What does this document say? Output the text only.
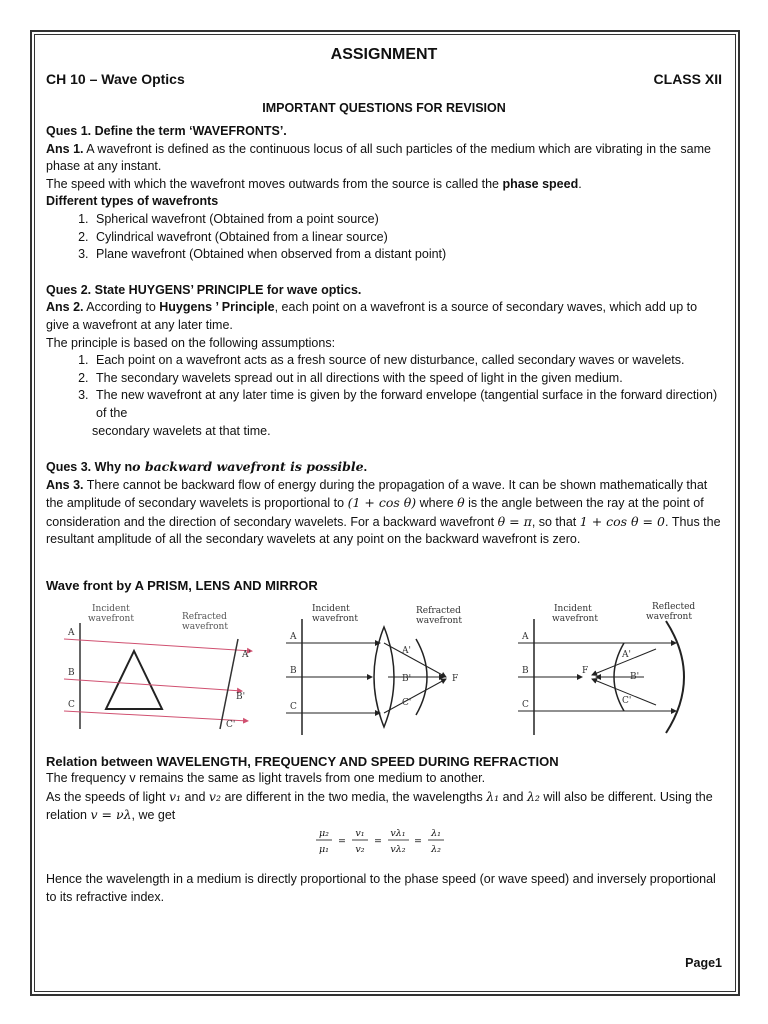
ASSIGNMENT
CH 10 – Wave Optics	CLASS XII
IMPORTANT QUESTIONS FOR REVISION

Ques 1. Define the term ‘WAVEFRONTS’.

Ans 1. A wavefront is defined as the continuous locus of all such particles of the medium which are vibrating in the same phase at any instant.

The speed with which the wavefront moves outwards from the source is called the phase speed.

Different types of wavefronts

1. Spherical wavefront (Obtained from a point source)
2. Cylindrical wavefront (Obtained from a linear source)
3. Plane wavefront (Obtained when observed from a distant point)

Ques 2. State HUYGENS’ PRINCIPLE for wave optics.

Ans 2. According to Huygens ’ Principle, each point on a wavefront is a source of secondary waves, which add up to give a wavefront at any later time.

The principle is based on the following assumptions:

1. Each point on a wavefront acts as a fresh source of new disturbance, called secondary waves or wavelets.
2. The secondary wavelets spread out in all directions with the speed of light in the given medium.
3. The new wavefront at any later time is given by the forward envelope (tangential surface in the forward direction) of the

secondary wavelets at that time.

Ques 3. Why no backward wavefront is possible.

Ans 3. There cannot be backward flow of energy during the propagation of a wave. It can be shown mathematically that the amplitude of secondary wavelets is proportional to (1 + cos θ) where θ is the angle between the ray at the point of consideration and the direction of secondary wavelets. For a backward wavefront θ = π, so that 1 + cos θ = 0. Thus the resultant amplitude of all the secondary wavelets at any point on the backward wavefront is zero.

Wave front by A PRISM, LENS AND MIRROR

Incident
wavefront	Refracted
wavefront
A
B
C
A'
B'
C'
Incident
wavefront
Refracted
wavefront
A
B
C
A'
B'
C'
F
Incident
wavefront
Reflected
wavefront
A
B
C
A'
B'
C'
F

Relation between WAVELENGTH, FREQUENCY AND SPEED DURING REFRACTION

The frequency v remains the same as light travels from one medium to another.

As the speeds of light v₁ and v₂ are different in the two media, the wavelengths λ₁ and λ₂ will also be different. Using the relation v = νλ, we get

μ₂
μ₁
=
v₁
v₂
=
vλ₁
vλ₂
=
λ₁
λ₂

Hence the wavelength in a medium is directly proportional to the phase speed (or wave speed) and inversely proportional to its refractive index.

Page1
